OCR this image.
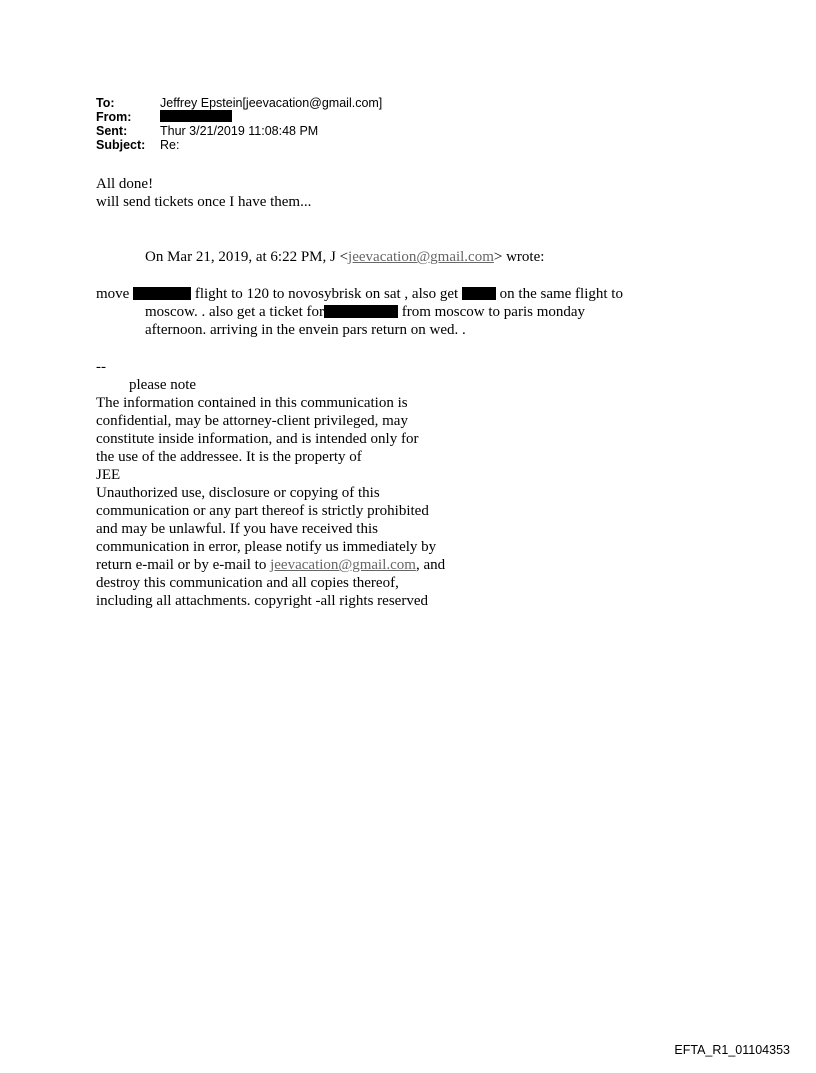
To:	Jeffrey Epstein[jeevacation@gmail.com]
From:
Sent:	Thur 3/21/2019 11:08:48 PM
Subject:	Re:
All done!
will send tickets once I have them...
On Mar 21, 2019, at 6:22 PM, J <jeevacation@gmail.com> wrote:
move	flight to 120 to novosybrisk on sat , also get	on the same flight to
moscow. . also get a ticket for	from moscow to paris monday
afternoon. arriving in the envein pars return on wed. .
--
please note
The information contained in this communication is
confidential, may be attorney-client privileged, may
constitute inside information, and is intended only for
the use of the addressee. It is the property of
JEE
Unauthorized use, disclosure or copying of this
communication or any part thereof is strictly prohibited
and may be unlawful. If you have received this
communication in error, please notify us immediately by
return e-mail or by e-mail to jeevacation@gmail.com, and
destroy this communication and all copies thereof,
including all attachments. copyright -all rights reserved
EFTA_R1_01104353
